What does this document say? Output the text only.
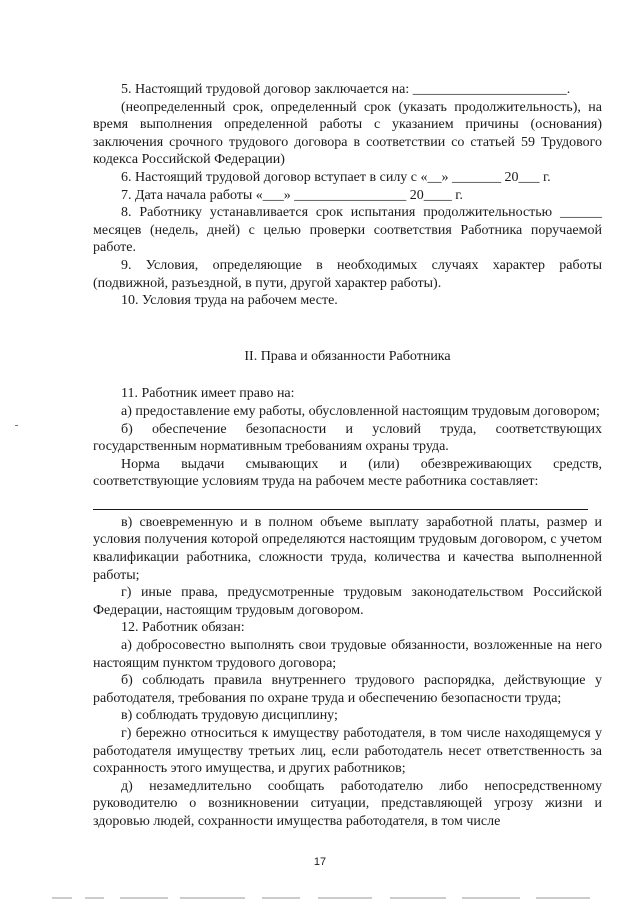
5. Настоящий трудовой договор заключается на: ______________________.

(неопределенный срок, определенный срок (указать продолжительность), на время выполнения определенной работы с указанием причины (основания) заключения срочного трудового договора в соответствии со статьей 59 Трудового кодекса Российской Федерации)

6. Настоящий трудовой договор вступает в силу с «__» _______ 20___ г.

7. Дата начала работы «___» ________________ 20____ г.

8. Работнику устанавливается срок испытания продолжительностью ______ месяцев (недель, дней) с целью проверки соответствия Работника поручаемой работе.

9. Условия, определяющие в необходимых случаях характер работы (подвижной, разъездной, в пути, другой характер работы).

10. Условия труда на рабочем месте.

II. Права и обязанности Работника

11. Работник имеет право на:

а) предоставление ему работы, обусловленной настоящим трудовым договором;

б) обеспечение безопасности и условий труда, соответствующих государственным нормативным требованиям охраны труда.

Норма выдачи смывающих и (или) обезвреживающих средств, соответствующие условиям труда на рабочем месте работника составляет:

в) своевременную и в полном объеме выплату заработной платы, размер и условия получения которой определяются настоящим трудовым договором, с учетом квалификации работника, сложности труда, количества и качества выполненной работы;

г) иные права, предусмотренные трудовым законодательством Российской Федерации, настоящим трудовым договором.

12. Работник обязан:

а) добросовестно выполнять свои трудовые обязанности, возложенные на него настоящим пунктом трудового договора;

б) соблюдать правила внутреннего трудового распорядка, действующие у работодателя, требования по охране труда и обеспечению безопасности труда;

в) соблюдать трудовую дисциплину;

г) бережно относиться к имуществу работодателя, в том числе находящемуся у работодателя имуществу третьих лиц, если работодатель несет ответственность за сохранность этого имущества, и других работников;

д) незамедлительно сообщать работодателю либо непосредственному руководителю о возникновении ситуации, представляющей угрозу жизни и здоровью людей, сохранности имущества работодателя, в том числе

17
